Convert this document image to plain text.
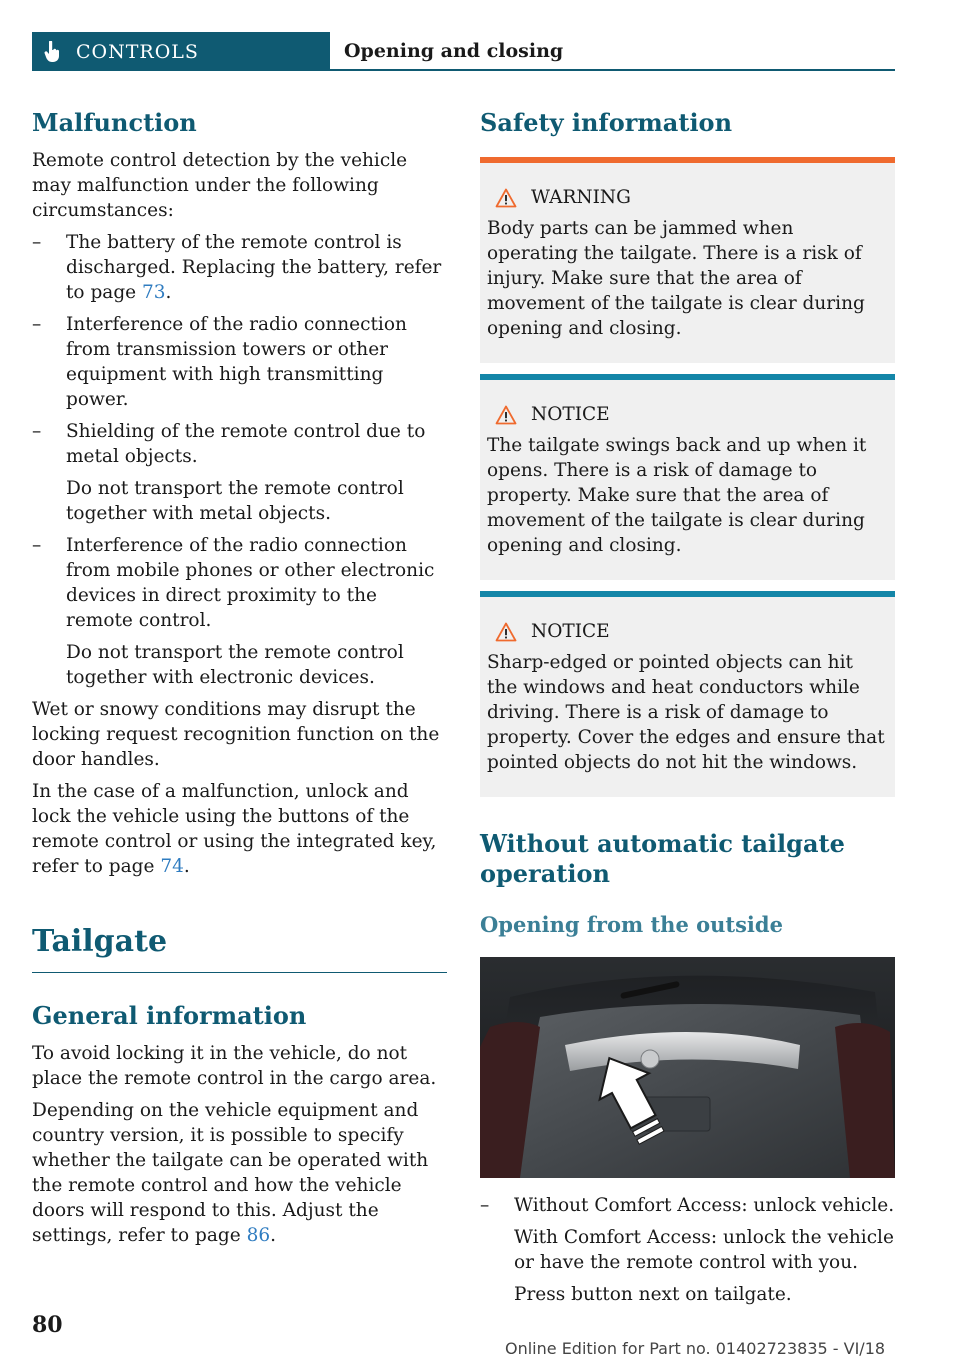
CONTROLS	Opening and closing
Malfunction

Remote control detection by the vehicle may malfunction under the following circumstances:

– The battery of the remote control is discharged. Replacing the battery, refer to page 73.
– Interference of the radio connection from transmission towers or other equipment with high transmitting power.
– Shielding of the remote control due to metal objects.
Do not transport the remote control together with metal objects.
– Interference of the radio connection from mobile phones or other electronic devices in direct proximity to the remote control.
Do not transport the remote control together with electronic devices.

Wet or snowy conditions may disrupt the locking request recognition function on the door handles.

In the case of a malfunction, unlock and lock the vehicle using the buttons of the remote control or using the integrated key, refer to page 74.

Tailgate
General information

To avoid locking it in the vehicle, do not place the remote control in the cargo area.

Depending on the vehicle equipment and country version, it is possible to specify whether the tailgate can be operated with the remote control and how the vehicle doors will respond to this. Adjust the settings, refer to page 86.

Safety information
WARNING

Body parts can be jammed when operating the tailgate. There is a risk of injury. Make sure that the area of movement of the tailgate is clear during opening and closing.

NOTICE

The tailgate swings back and up when it opens. There is a risk of damage to property. Make sure that the area of movement of the tailgate is clear during opening and closing.

NOTICE

Sharp-edged or pointed objects can hit the windows and heat conductors while driving. There is a risk of damage to property. Cover the edges and ensure that pointed objects do not hit the windows.

Without automatic tailgate operation
Opening from the outside
– Without Comfort Access: unlock vehicle.
With Comfort Access: unlock the vehicle or have the remote control with you.
Press button next on tailgate.
80
Online Edition for Part no. 01402723835 - VI/18
